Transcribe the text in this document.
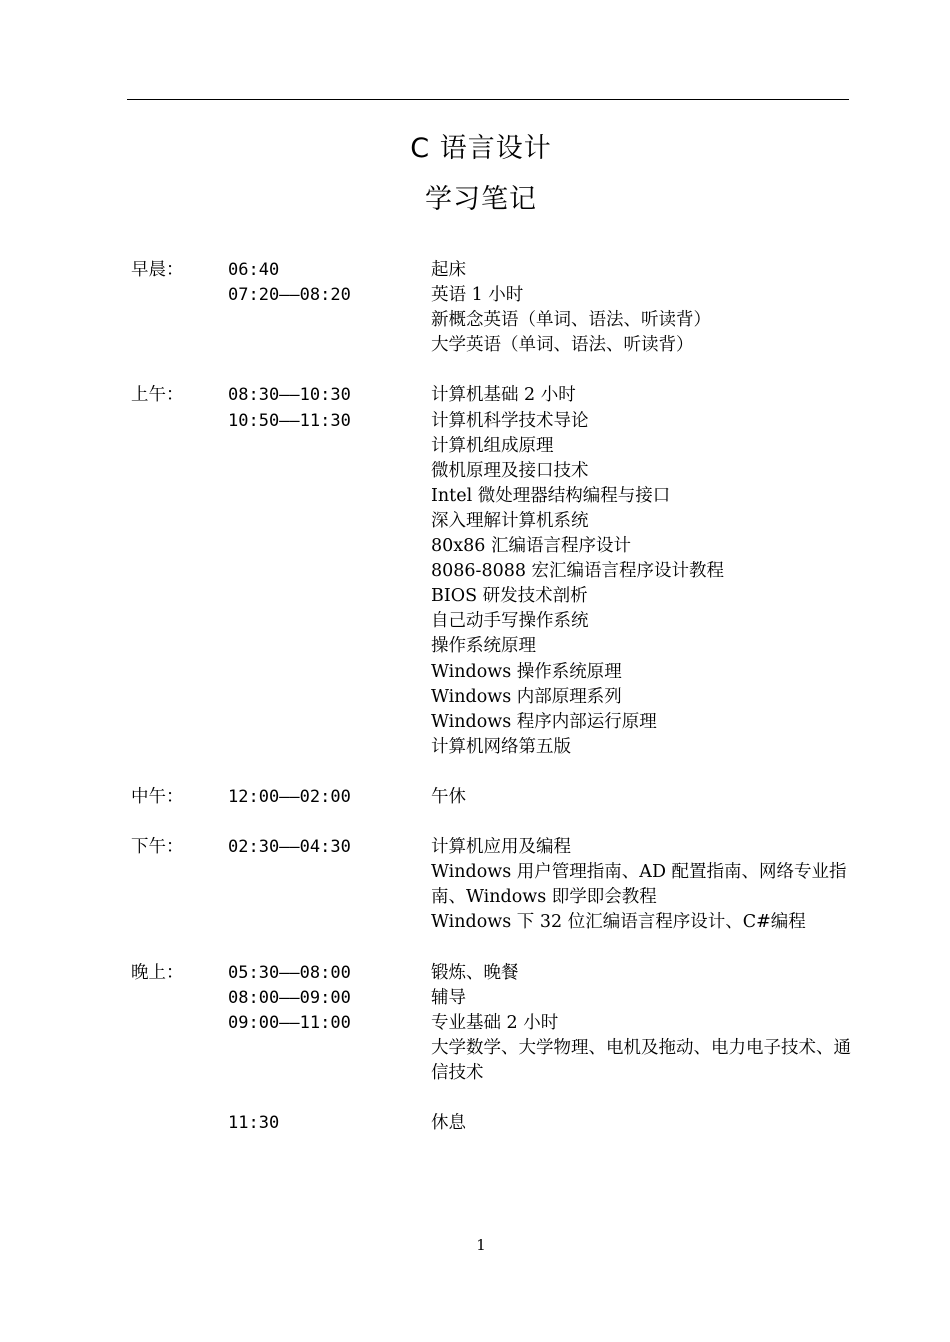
C 语言设计
学习笔记
早晨：	06:40	起床
07:20——08:20	英语 1 小时
新概念英语（单词、语法、听读背）
大学英语（单词、语法、听读背）
上午：	08:30——10:30	计算机基础 2 小时
10:50——11:30	计算机科学技术导论
计算机组成原理
微机原理及接口技术
Intel 微处理器结构编程与接口
深入理解计算机系统
80x86 汇编语言程序设计
8086-8088 宏汇编语言程序设计教程
BIOS 研发技术剖析
自己动手写操作系统
操作系统原理
Windows 操作系统原理
Windows 内部原理系列
Windows 程序内部运行原理
计算机网络第五版
中午：	12:00——02:00	午休
下午：	02:30——04:30	计算机应用及编程
Windows 用户管理指南、AD 配置指南、网络专业指南、Windows 即学即会教程
Windows 下 32 位汇编语言程序设计、C#编程
晚上：	05:30——08:00	锻炼、晚餐
08:00——09:00	辅导
09:00——11:00	专业基础 2 小时
大学数学、大学物理、电机及拖动、电力电子技术、通信技术
11:30	休息
1
